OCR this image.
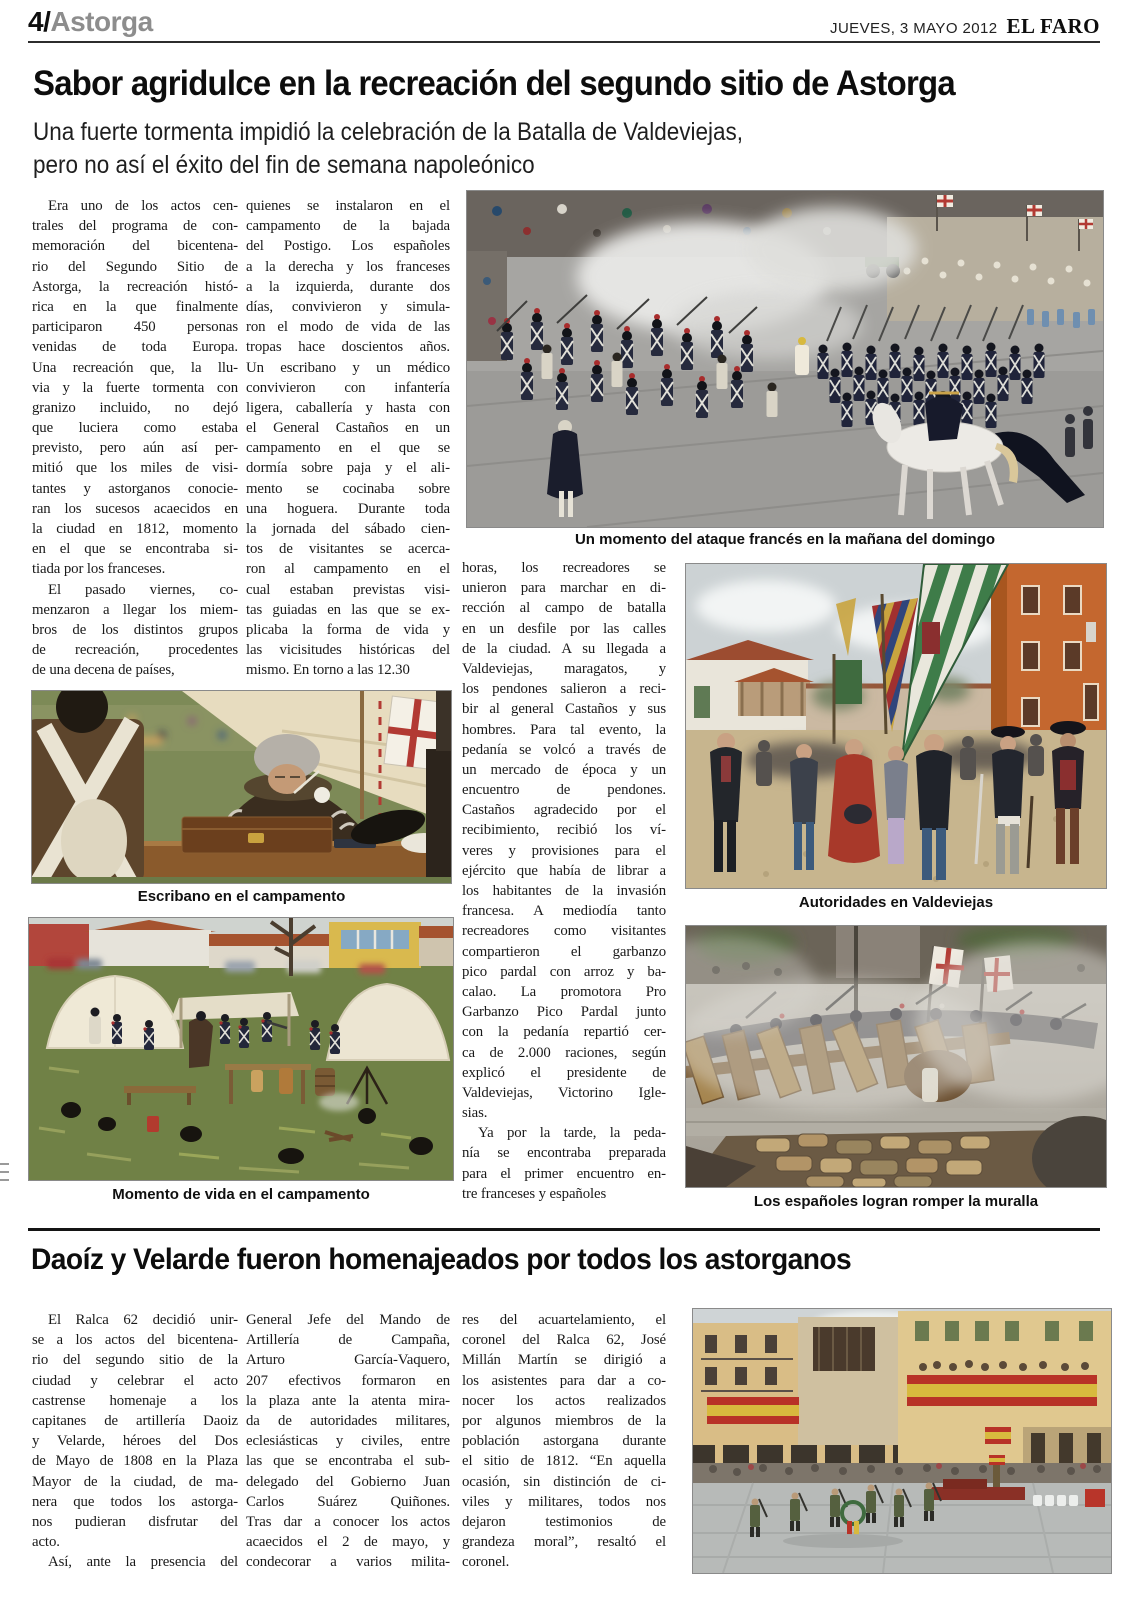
4/Astorga	JUEVES, 3 MAYO 2012 EL FARO
Sabor agridulce en la recreación del segundo sitio de Astorga
Una fuerte tormenta impidió la celebración de la Batalla de Valdeviejas,
pero no así el éxito del fin de semana napoleónico
Era uno de los actos cen-
trales del programa de con-
memoración del bicentena-
rio del Segundo Sitio de
Astorga, la recreación histó-
rica en la que finalmente
participaron 450 personas
venidas de toda Europa.
Una recreación que, la llu-
via y la fuerte tormenta con
granizo incluido, no dejó
que luciera como estaba
previsto, pero aún así per-
mitió que los miles de visi-
tantes y astorganos conocie-
ran los sucesos acaecidos en
la ciudad en 1812, momento
en el que se encontraba si-
tiada por los franceses.
El pasado viernes, co-
menzaron a llegar los miem-
bros de los distintos grupos
de recreación, procedentes
de una decena de países,
quienes se instalaron en el
campamento de la bajada
del Postigo. Los españoles
a la derecha y los franceses
a la izquierda, durante dos
días, convivieron y simula-
ron el modo de vida de las
tropas hace doscientos años.
Un escribano y un médico
convivieron con infantería
ligera, caballería y hasta con
el General Castaños en un
campamento en el que se
dormía sobre paja y el ali-
mento se cocinaba sobre
una hoguera. Durante toda
la jornada del sábado cien-
tos de visitantes se acerca-
ron al campamento en el
cual estaban previstas visi-
tas guiadas en las que se ex-
plicaba la forma de vida y
las vicisitudes históricas del
mismo. En torno a las 12.30
horas, los recreadores se
unieron para marchar en di-
rección al campo de batalla
en un desfile por las calles
de la ciudad. A su llegada a
Valdeviejas, maragatos, y
los pendones salieron a reci-
bir al general Castaños y sus
hombres. Para tal evento, la
pedanía se volcó a través de
un mercado de época y un
encuentro de pendones.
Castaños agradecido por el
recibimiento, recibió los ví-
veres y provisiones para el
ejército que había de librar a
los habitantes de la invasión
francesa. A mediodía tanto
recreadores como visitantes
compartieron el garbanzo
pico pardal con arroz y ba-
calao. La promotora Pro
Garbanzo Pico Pardal junto
con la pedanía repartió cer-
ca de 2.000 raciones, según
explicó el presidente de
Valdeviejas, Victorino Igle-
sias.
Ya por la tarde, la peda-
nía se encontraba preparada
para el primer encuentro en-
tre franceses y españoles
Un momento del ataque francés en la mañana del domingo
Escribano en el campamento
Momento de vida en el campamento
Autoridades en Valdeviejas
Los españoles logran romper la muralla
Daoíz y Velarde fueron homenajeados por todos los astorganos
El Ralca 62 decidió unir-
se a los actos del bicentena-
rio del segundo sitio de la
ciudad y celebrar el acto
castrense homenaje a los
capitanes de artillería Daoiz
y Velarde, héroes del Dos
de Mayo de 1808 en la Plaza
Mayor de la ciudad, de ma-
nera que todos los astorga-
nos pudieran disfrutar del
acto.
Así, ante la presencia del
General Jefe del Mando de
Artillería de Campaña,
Arturo García-Vaquero,
207 efectivos formaron en
la plaza ante la atenta mira-
da de autoridades militares,
eclesiásticas y civiles, entre
las que se encontraba el sub-
delegado del Gobierno Juan
Carlos Suárez Quiñones.
Tras dar a conocer los actos
acaecidos el 2 de mayo, y
condecorar a varios milita-
res del acuartelamiento, el
coronel del Ralca 62, José
Millán Martín se dirigió a
los asistentes para dar a co-
nocer los actos realizados
por algunos miembros de la
población astorgana durante
el sitio de 1812. “En aquella
ocasión, sin distinción de ci-
viles y militares, todos nos
dejaron testimonios de
grandeza moral”, resaltó el
coronel.
